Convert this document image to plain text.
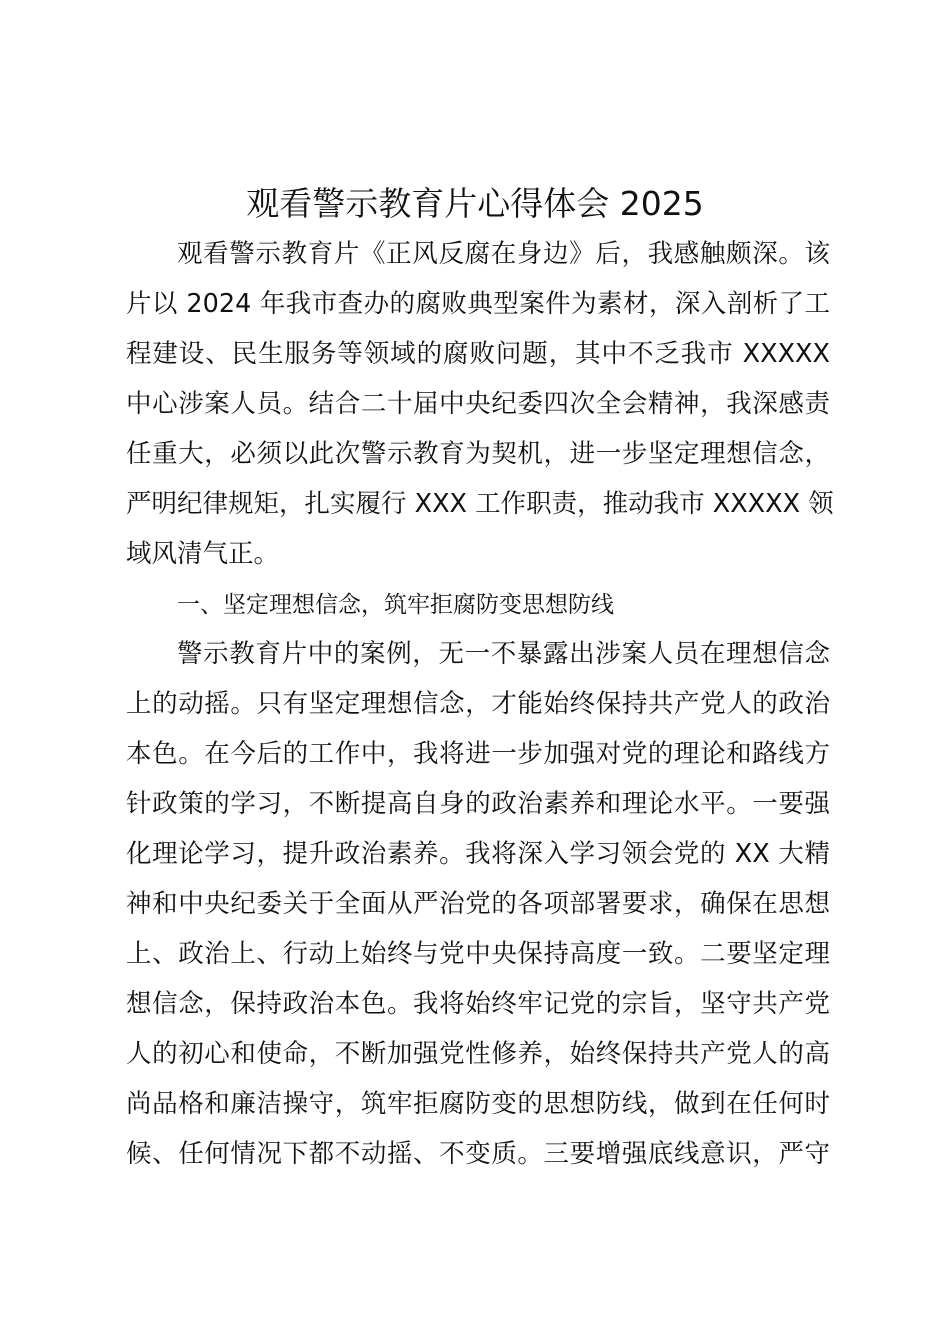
观看警示教育片心得体会 2025
观看警示教育片《正风反腐在身边》后，我感触颇深。该
片以 2024 年我市查办的腐败典型案件为素材，深入剖析了工
程建设、民生服务等领域的腐败问题，其中不乏我市 XXXXX
中心涉案人员。结合二十届中央纪委四次全会精神，我深感责
任重大，必须以此次警示教育为契机，进一步坚定理想信念，
严明纪律规矩，扎实履行 XXX 工作职责，推动我市 XXXXX 领
域风清气正。
一、坚定理想信念，筑牢拒腐防变思想防线
警示教育片中的案例，无一不暴露出涉案人员在理想信念
上的动摇。只有坚定理想信念，才能始终保持共产党人的政治
本色。在今后的工作中，我将进一步加强对党的理论和路线方
针政策的学习，不断提高自身的政治素养和理论水平。一要强
化理论学习，提升政治素养。我将深入学习领会党的 XX 大精
神和中央纪委关于全面从严治党的各项部署要求，确保在思想
上、政治上、行动上始终与党中央保持高度一致。二要坚定理
想信念，保持政治本色。我将始终牢记党的宗旨，坚守共产党
人的初心和使命，不断加强党性修养，始终保持共产党人的高
尚品格和廉洁操守，筑牢拒腐防变的思想防线，做到在任何时
候、任何情况下都不动摇、不变质。三要增强底线意识，严守
